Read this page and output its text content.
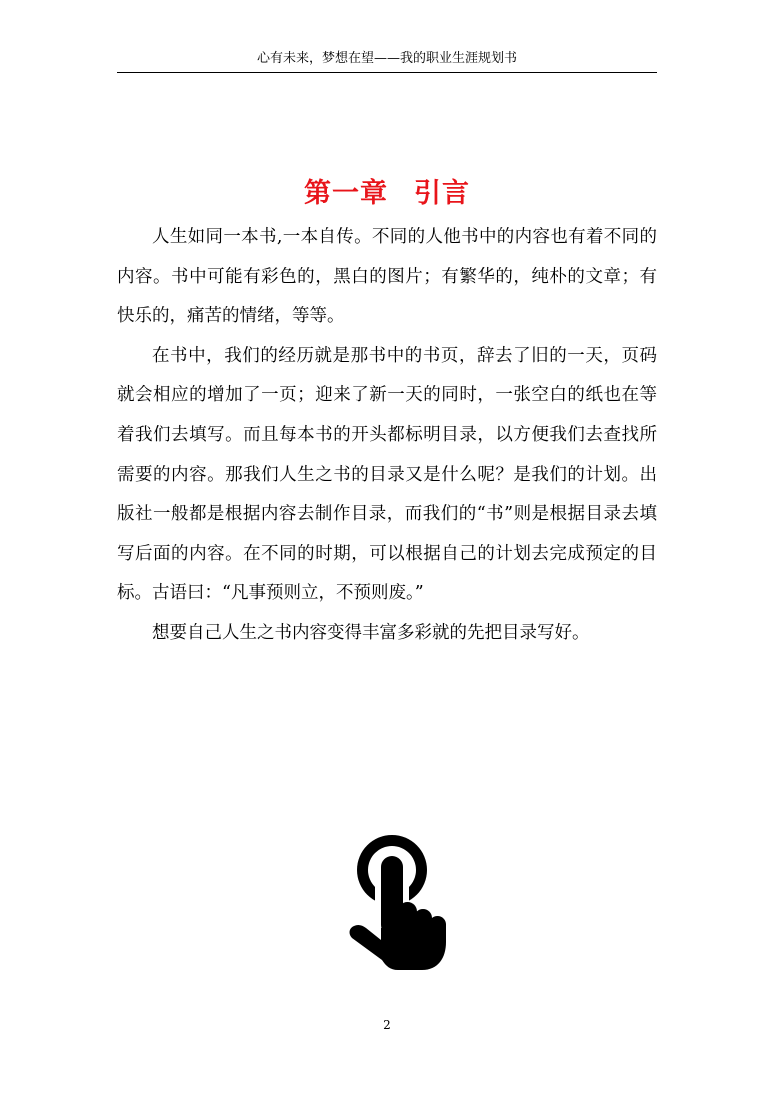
心有未来，梦想在望——我的职业生涯规划书
第一章 引言

人生如同一本书,一本自传。不同的人他书中的内容也有着不同的内容。书中可能有彩色的，黑白的图片；有繁华的，纯朴的文章；有快乐的，痛苦的情绪，等等。

在书中，我们的经历就是那书中的书页，辞去了旧的一天，页码就会相应的增加了一页；迎来了新一天的同时，一张空白的纸也在等着我们去填写。而且每本书的开头都标明目录，以方便我们去查找所需要的内容。那我们人生之书的目录又是什么呢？是我们的计划。出版社一般都是根据内容去制作目录，而我们的“书”则是根据目录去填写后面的内容。在不同的时期，可以根据自己的计划去完成预定的目标。古语曰：“凡事预则立，不预则废。”

想要自己人生之书内容变得丰富多彩就的先把目录写好。

2
